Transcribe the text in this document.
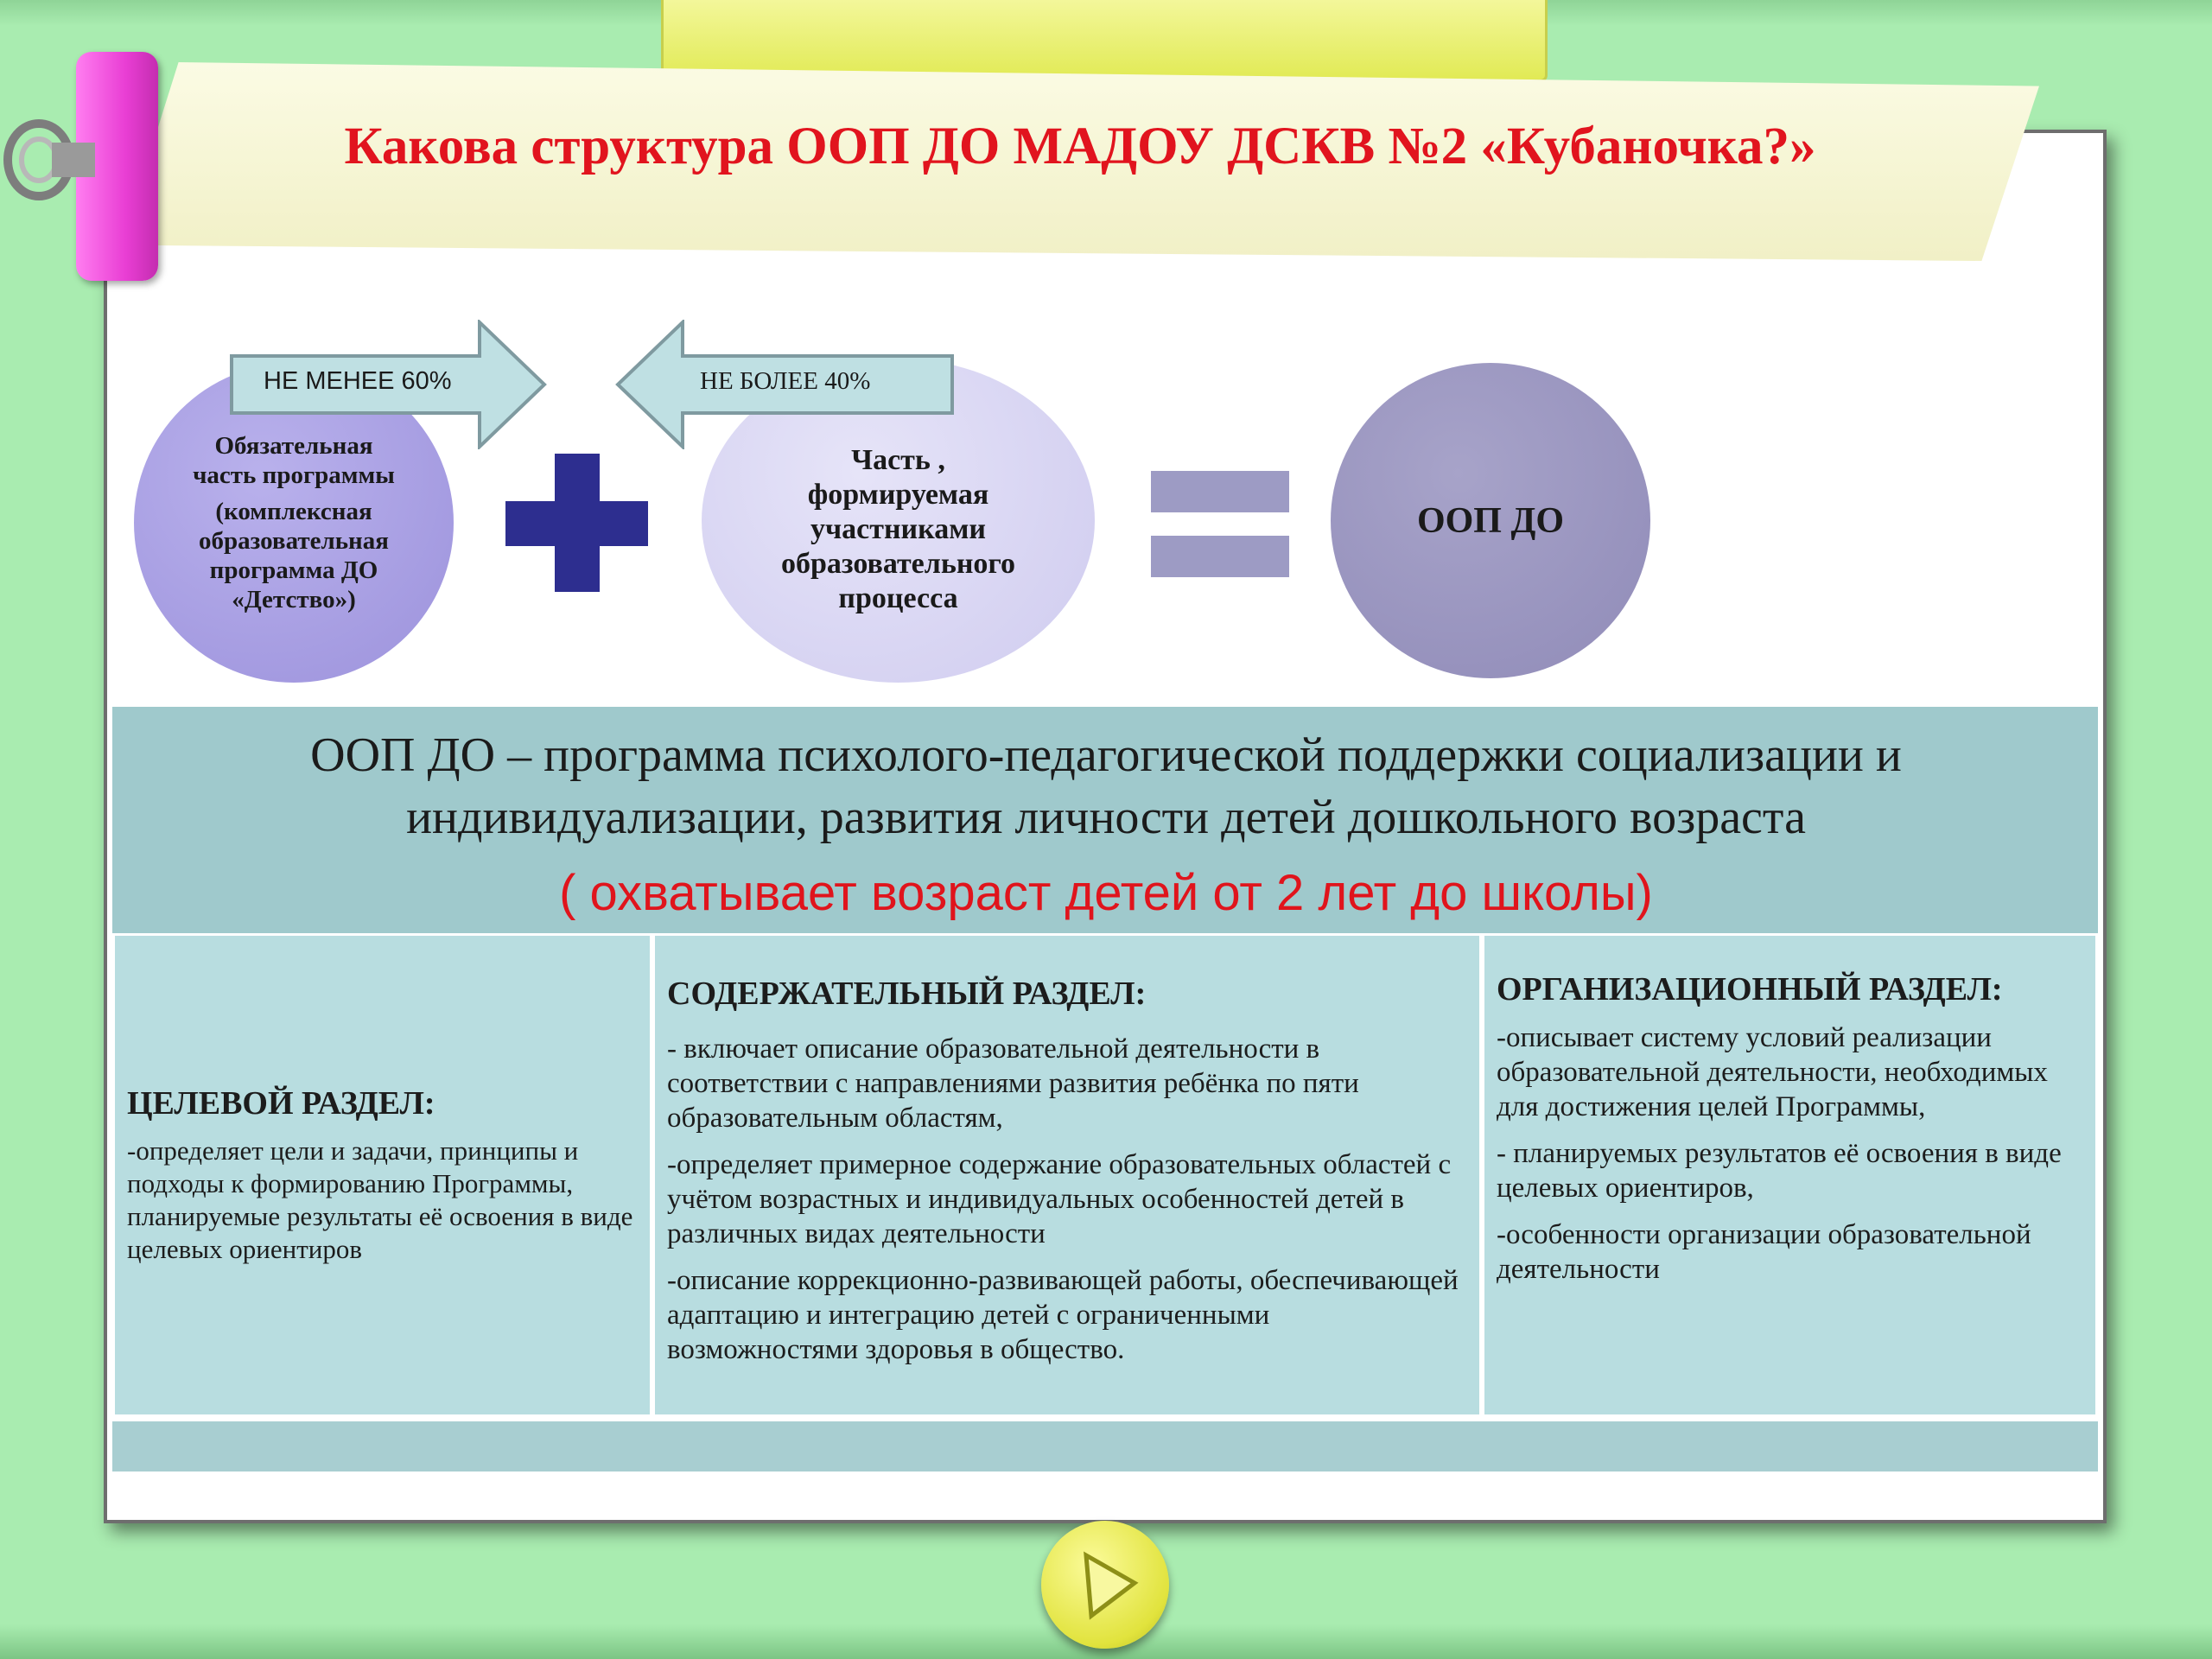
Какова структура ООП ДО МАДОУ ДСКВ №2 «Кубаночка?»
Обязательная
часть программы
(комплексная
образовательная
программа ДО
«Детство»)
Часть ,
формируемая
участниками
образовательного
процесса
ООП ДО
НЕ МЕНЕЕ 60%	НЕ БОЛЕЕ 40%
ООП ДО – программа психолого-педагогической поддержки социализации и
индивидуализации, развития личности детей дошкольного возраста
( охватывает возраст детей от 2 лет до школы)
ЦЕЛЕВОЙ РАЗДЕЛ:
-определяет цели и задачи, принципы и подходы к формированию Программы, планируемые результаты её освоения в виде целевых ориентиров
СОДЕРЖАТЕЛЬНЫЙ РАЗДЕЛ:
- включает описание образовательной деятельности в соответствии с направлениями развития ребёнка по пяти образовательным областям,
-определяет примерное содержание образовательных областей с учётом возрастных и индивидуальных особенностей детей в различных видах деятельности
-описание коррекционно-развивающей работы, обеспечивающей адаптацию и интеграцию детей с ограниченными возможностями здоровья в общество.
ОРГАНИЗАЦИОННЫЙ РАЗДЕЛ:
-описывает систему условий реализации образовательной деятельности, необходимых для достижения целей Программы,
- планируемых результатов её освоения в виде целевых ориентиров,
-особенности организации образовательной деятельности
